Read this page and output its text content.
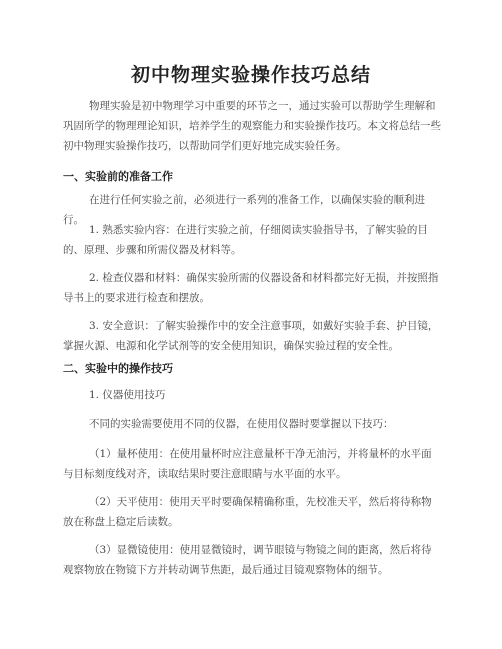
初中物理实验操作技巧总结

物理实验是初中物理学习中重要的环节之一，通过实验可以帮助学生理解和巩固所学的物理理论知识，培养学生的观察能力和实验操作技巧。本文将总结一些初中物理实验操作技巧，以帮助同学们更好地完成实验任务。

一、实验前的准备工作

在进行任何实验之前，必须进行一系列的准备工作，以确保实验的顺利进行。

1. 熟悉实验内容：在进行实验之前，仔细阅读实验指导书，了解实验的目的、原理、步骤和所需仪器及材料等。

2. 检查仪器和材料：确保实验所需的仪器设备和材料都完好无损，并按照指导书上的要求进行检查和摆放。

3. 安全意识：了解实验操作中的安全注意事项，如戴好实验手套、护目镜，掌握火源、电源和化学试剂等的安全使用知识，确保实验过程的安全性。

二、实验中的操作技巧

1. 仪器使用技巧

不同的实验需要使用不同的仪器，在使用仪器时要掌握以下技巧：

（1）量杯使用：在使用量杯时应注意量杯干净无油污，并将量杯的水平面与目标刻度线对齐，读取结果时要注意眼睛与水平面的水平。

（2）天平使用：使用天平时要确保精确称重，先校准天平，然后将待称物放在称盘上稳定后读数。

（3）显微镜使用：使用显微镜时，调节眼镜与物镜之间的距离，然后将待观察物放在物镜下方并转动调节焦距，最后通过目镜观察物体的细节。
